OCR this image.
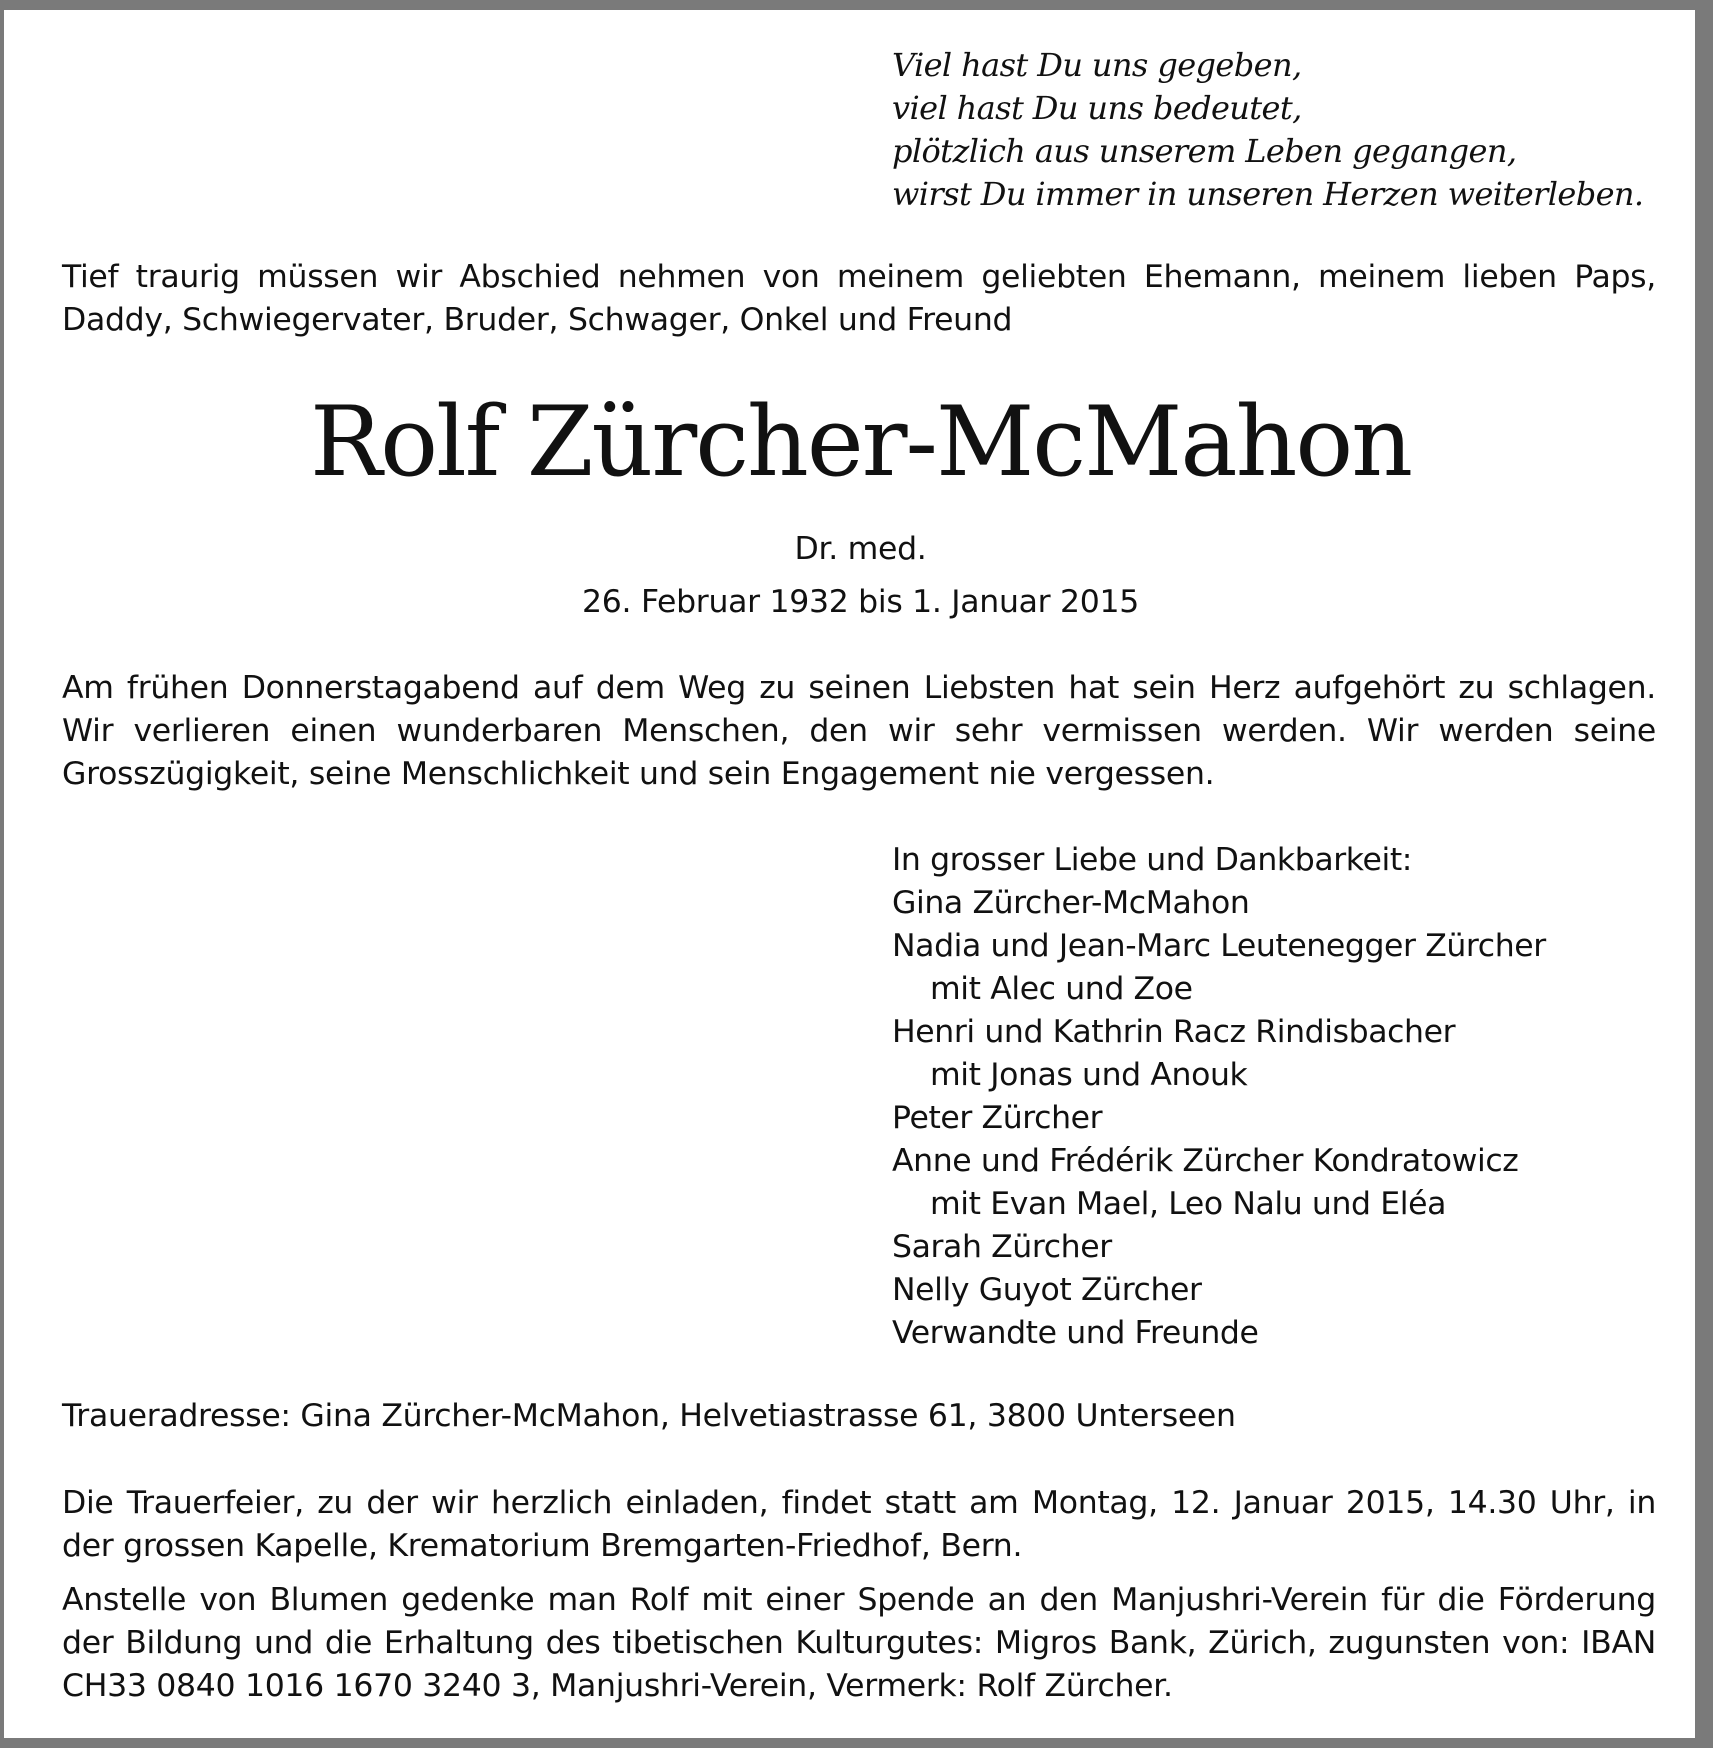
Viel hast Du uns gegeben,
viel hast Du uns bedeutet,
plötzlich aus unserem Leben gegangen,
wirst Du immer in unseren Herzen weiterleben.
Tief traurig müssen wir Abschied nehmen von meinem geliebten Ehemann, meinem lieben Paps, Daddy, Schwiegervater, Bruder, Schwager, Onkel und Freund
Rolf Zürcher-McMahon
Dr. med.
26. Februar 1932 bis 1. Januar 2015
Am frühen Donnerstagabend auf dem Weg zu seinen Liebsten hat sein Herz aufgehört zu schlagen. Wir verlieren einen wunderbaren Menschen, den wir sehr vermissen werden. Wir werden seine Grosszügigkeit, seine Menschlichkeit und sein Engagement nie vergessen.
In grosser Liebe und Dankbarkeit:
Gina Zürcher-McMahon
Nadia und Jean-Marc Leutenegger Zürcher
mit Alec und Zoe
Henri und Kathrin Racz Rindisbacher
mit Jonas und Anouk
Peter Zürcher
Anne und Frédérik Zürcher Kondratowicz
mit Evan Mael, Leo Nalu und Eléa
Sarah Zürcher
Nelly Guyot Zürcher
Verwandte und Freunde
Traueradresse: Gina Zürcher-McMahon, Helvetiastrasse 61, 3800 Unterseen
Die Trauerfeier, zu der wir herzlich einladen, findet statt am Montag, 12. Januar 2015, 14.30 Uhr, in der grossen Kapelle, Krematorium Bremgarten-Friedhof, Bern.
Anstelle von Blumen gedenke man Rolf mit einer Spende an den Manjushri-Verein für die Förderung der Bildung und die Erhaltung des tibetischen Kulturgutes: Migros Bank, Zürich, zugunsten von: IBAN CH33 0840 1016 1670 3240 3, Manjushri-Verein, Vermerk: Rolf Zürcher.
